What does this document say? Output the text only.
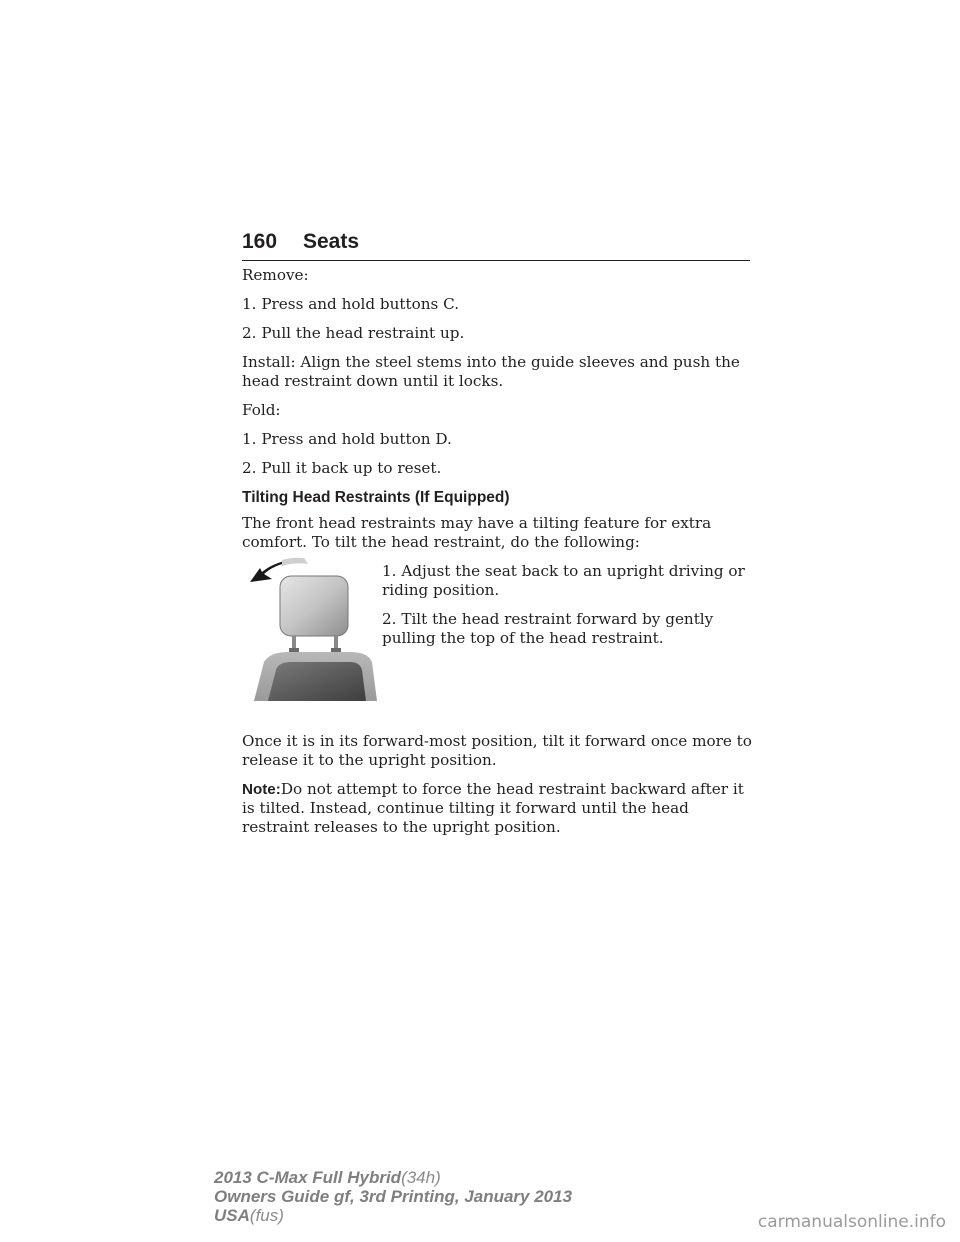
160 Seats

Remove:

1. Press and hold buttons C.

2. Pull the head restraint up.

Install: Align the steel stems into the guide sleeves and push the head restraint down until it locks.

Fold:

1. Press and hold button D.

2. Pull it back up to reset.

Tilting Head Restraints (If Equipped)

The front head restraints may have a tilting feature for extra comfort. To tilt the head restraint, do the following:

1. Adjust the seat back to an upright driving or riding position.

2. Tilt the head restraint forward by gently pulling the top of the head restraint.

Once it is in its forward-most position, tilt it forward once more to release it to the upright position.

Note:Do not attempt to force the head restraint backward after it is tilted. Instead, continue tilting it forward until the head restraint releases to the upright position.

2013 C-Max Full Hybrid(34h)
Owners Guide gf, 3rd Printing, January 2013
USA(fus)	carmanualsonline.info
